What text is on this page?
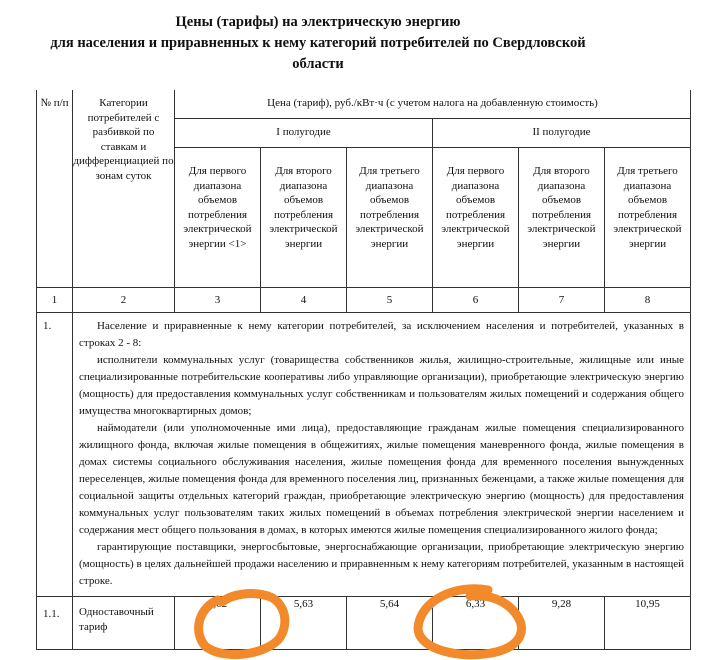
Цены (тарифы) на электрическую энергию
для населения и приравненных к нему категорий потребителей по Свердловской
области
№ п/п	Категории потребителей с разбивкой по ставкам и дифференциацией по зонам суток	Цена (тариф), руб./кВт·ч (с учетом налога на добавленную стоимость)					
		I полугодие			II полугодие		
		Для первого диапазона объемов потребления электрической энергии <1>	Для второго диапазона объемов потребления электрической энергии	Для третьего диапазона объемов потребления электрической энергии	Для первого диапазона объемов потребления электрической энергии	Для второго диапазона объемов потребления электрической энергии	Для третьего диапазона объемов потребления электрической энергии
1	2	3	4	5	6	7	8
1.	Население и приравненные к нему категории потребителей, за исключением населения и потребителей, указанных в строках 2 - 8:

исполнители коммунальных услуг (товарищества собственников жилья, жилищно-строительные, жилищные или иные специализированные потребительские кооперативы либо управляющие организации), приобретающие электрическую энергию (мощность) для предоставления коммунальных услуг собственникам и пользователям жилых помещений и содержания общего имущества многоквартирных домов;

наймодатели (или уполномоченные ими лица), предоставляющие гражданам жилые помещения специализированного жилищного фонда, включая жилые помещения в общежитиях, жилые помещения маневренного фонда, жилые помещения в домах системы социального обслуживания населения, жилые помещения фонда для временного поселения вынужденных переселенцев, жилые помещения фонда для временного поселения лиц, признанных беженцами, а также жилые помещения для социальной защиты отдельных категорий граждан, приобретающие электрическую энергию (мощность) для предоставления коммунальных услуг пользователям таких жилых помещений в объемах потребления электрической энергии населением и содержания мест общего пользования в домах, в которых имеются жилые помещения специализированного жилого фонда;

гарантирующие поставщики, энергосбытовые, энергоснабжающие организации, приобретающие электрическую энергию (мощность) в целях дальнейшей продажи населению и приравненным к нему категориям потребителей, указанным в настоящей строке.						

1.1.	Одноставочный тариф	5,62	5,63	5,64	6,33	9,28	10,95
